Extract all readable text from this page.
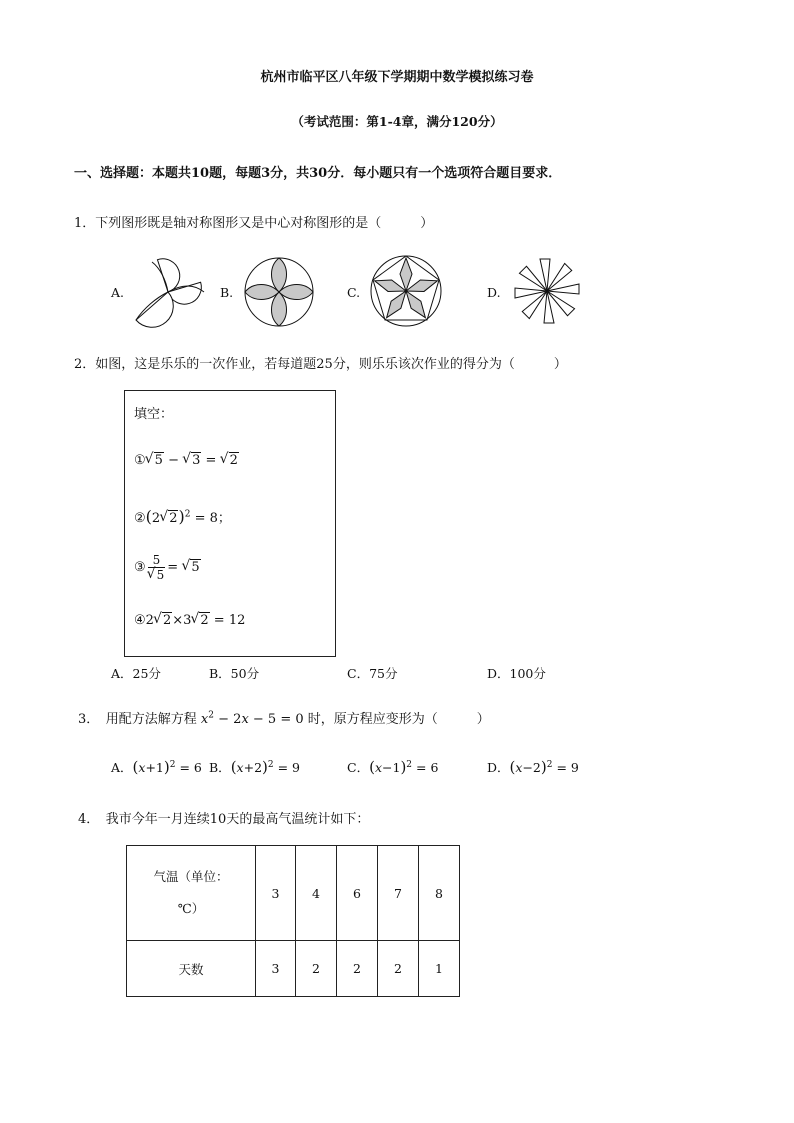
杭州市临平区八年级下学期期中数学模拟练习卷
（考试范围：第1-4章，满分120分）
一、选择题：本题共10题，每题3分，共30分．每小题只有一个选项符合题目要求．
1．下列图形既是轴对称图形又是中心对称图形的是（　　　）
A.	B.	C.	D.
2．如图，这是乐乐的一次作业，若每道题25分，则乐乐该次作业的得分为（　　　）
填空：
① √ 5 − √ 3 = √ 2
②(2 √ 2)$^2$ = 8；
③ 5
√ 5 = √ 5
④2 √ 2×3 √ 2 = 12
A．25分	B．50分	C．75分	D．100分
3．　用配方法解方程 $x^2 - 2x - 5 = 0$ 时，原方程应变形为（　　　）
A．$(x+1)^2 = 6$ B．$(x+2)^2 = 9$	C．$(x-1)^2 = 6$	D．$(x-2)^2 = 9$
4．　我市今年一月连续10天的最高气温统计如下：
气温（单位：
℃）	3	4	6	7	8
天数	3	2	2	2	1
